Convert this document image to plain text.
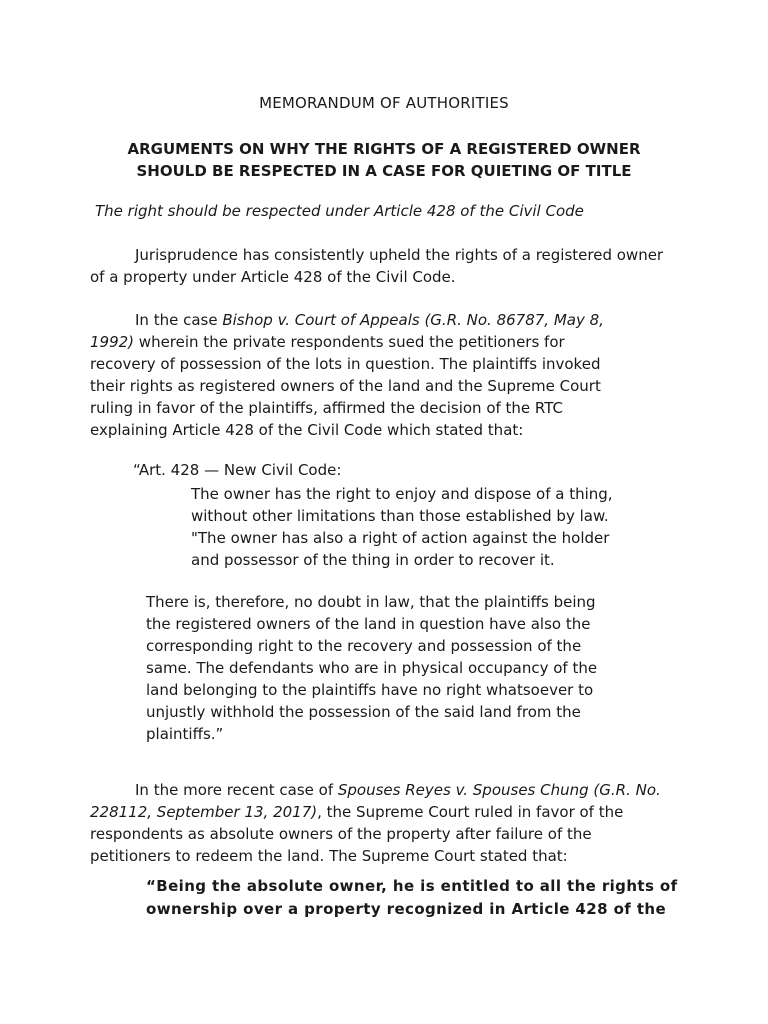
MEMORANDUM OF AUTHORITIES
ARGUMENTS ON WHY THE RIGHTS OF A REGISTERED OWNER
SHOULD BE RESPECTED IN A CASE FOR QUIETING OF TITLE
The right should be respected under Article 428 of the Civil Code
Jurisprudence has consistently upheld the rights of a registered owner
of a property under Article 428 of the Civil Code.
In the case Bishop v. Court of Appeals (G.R. No. 86787, May 8,
1992) wherein the private respondents sued the petitioners for
recovery of possession of the lots in question. The plaintiffs invoked
their rights as registered owners of the land and the Supreme Court
ruling in favor of the plaintiffs, affirmed the decision of the RTC
explaining Article 428 of the Civil Code which stated that:
“Art. 428 — New Civil Code:
The owner has the right to enjoy and dispose of a thing,
without other limitations than those established by law.
"The owner has also a right of action against the holder
and possessor of the thing in order to recover it.
There is, therefore, no doubt in law, that the plaintiffs being
the registered owners of the land in question have also the
corresponding right to the recovery and possession of the
same. The defendants who are in physical occupancy of the
land belonging to the plaintiffs have no right whatsoever to
unjustly withhold the possession of the said land from the
plaintiffs.”
In the more recent case of Spouses Reyes v. Spouses Chung (G.R. No.
228112, September 13, 2017), the Supreme Court ruled in favor of the
respondents as absolute owners of the property after failure of the
petitioners to redeem the land. The Supreme Court stated that:
“Being the absolute owner, he is entitled to all the rights of
ownership over a property recognized in Article 428 of the
